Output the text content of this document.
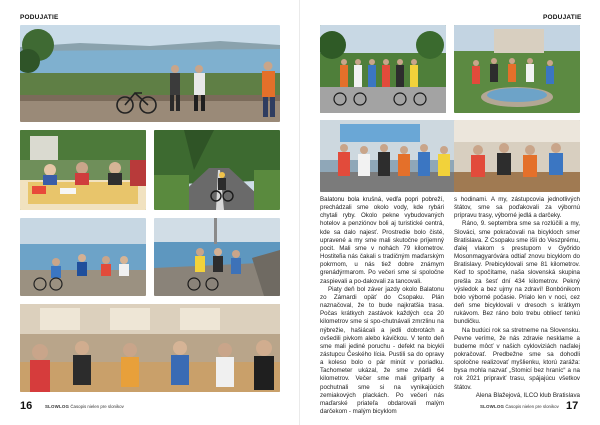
PODUJATIE
16	SLOWLOG Časopis nielen pre slonikov
PODUJATIE

Balatonu bola krušná, vedľa popri pobreží, prechádzali sme okolo vody, kde rybári chytali ryby. Okolo pekne vybudovaných hotelov a penziónov boli aj turistické centrá, kde sa dalo najesť. Prostredie bolo čisté, upravené a my sme mali skutočne príjemný pocit. Mali sme v nohách 79 kilometrov. Hostiteľia nás čakali s tradičným maďarským pokrmom, u nás tiež dobre známym grenádýrmarom. Po večeri sme si spoločne zaspievali a po-dakovali za tancovali.

Piaty deň bol záver jazdy okolo Balatonu zo Zámardi opäť do Csopaku. Plán naznačoval, že to bude najkratšia trasa. Počas krátkych zastávok každých cca 20 kilometrov sme si spo-chutnávali zmrzlinu na nýbrežie, hašiácali a jedli dobrotách a ovšedili pivkom alebo kávičkou. V tento deň sme mali jediné poruchu - defekt na bicykli zástupcu Českého lícia. Pustili sa do opravy a koleso bolo o pár minút v poriadku. Tachometer ukázal, že sme zvládli 64 kilometrov. Večer sme mali grilparty a pochutnali sme si na vynikajúcich zemiakových plackách. Po večeri nás maďarské priateľa obdarovali malým darčekom - malým bicyklom

s hodinami. A my, zástupcovia jednotlivých štátov, sme sa poďakovali za výbornú prípravu trasy, výborné jedlá a darčeky.

Ráno, 9. septembra sme sa rozlúčili a my, Slováci, sme pokračovali na bicykloch smer Bratislava. Z Csopaku sme išli do Veszprému, ďalej vlakom s prestupom v Győrido Mosonmagyaróvára odtiaľ znovu bicyklom do Bratislavy. Prebicyklovali sme 81 kilometrov. Keď to spočítame, naša slovenská skupina prešla za šesť dní 434 kilometrov. Pekný výsledok a bez ujmy na zdraví! Bonbónikom bolo výborné počasie. Prialo len v noci, cez deň sme bicyklovali v dresoch s krátkym rukávom. Bez ráno bolo trebu obliecť tenkú bundičku.

Na budúci rok sa stretneme na Slovensku. Pevne veríme, že nás zdravie nesklame a budeme môcť v našich cykloviziách naďalej pokračovať. Predbežne sme sa dohodli spoločne realizovať myšlienku, ktorú zaráža: bysa mohla nazvať „Stomicí bez hraníc“ a na rok 2021 pripraviť trasu, spájajúcu všetkov štátov.

Alena Blažejová, ILCO klub Bratislava

SLOWLOG Časopis nielen pre slonikov 17
